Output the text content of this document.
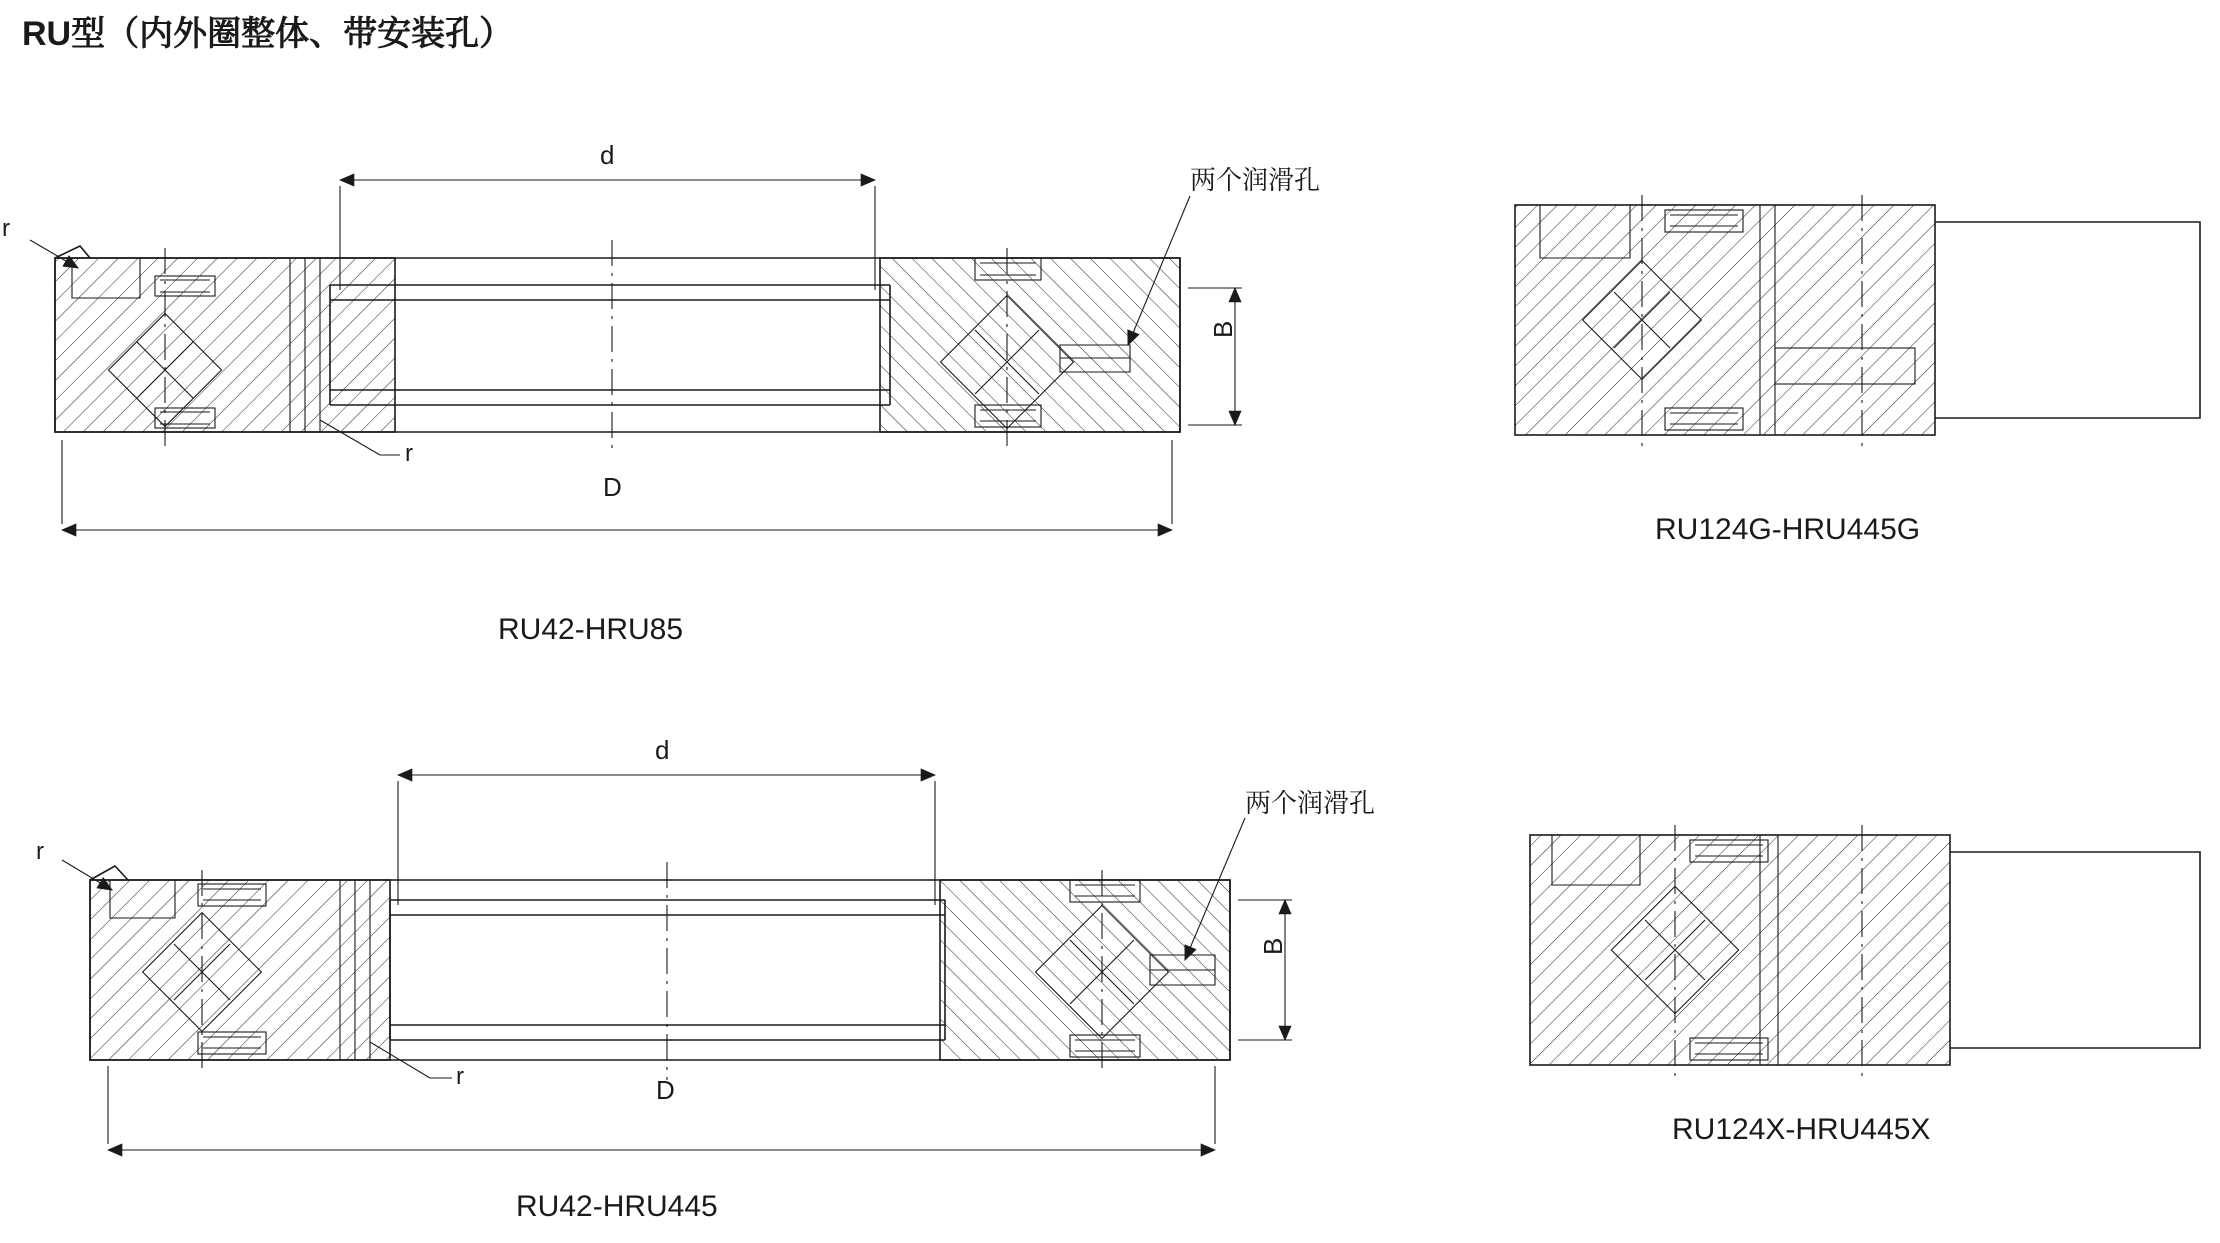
RU型（内外圈整体、带安装孔）
d
D
B
r
r
两个润滑孔
RU42-HRU85
RU124G-HRU445G
d
D
B
r
r
两个润滑孔
RU42-HRU445
RU124X-HRU445X
